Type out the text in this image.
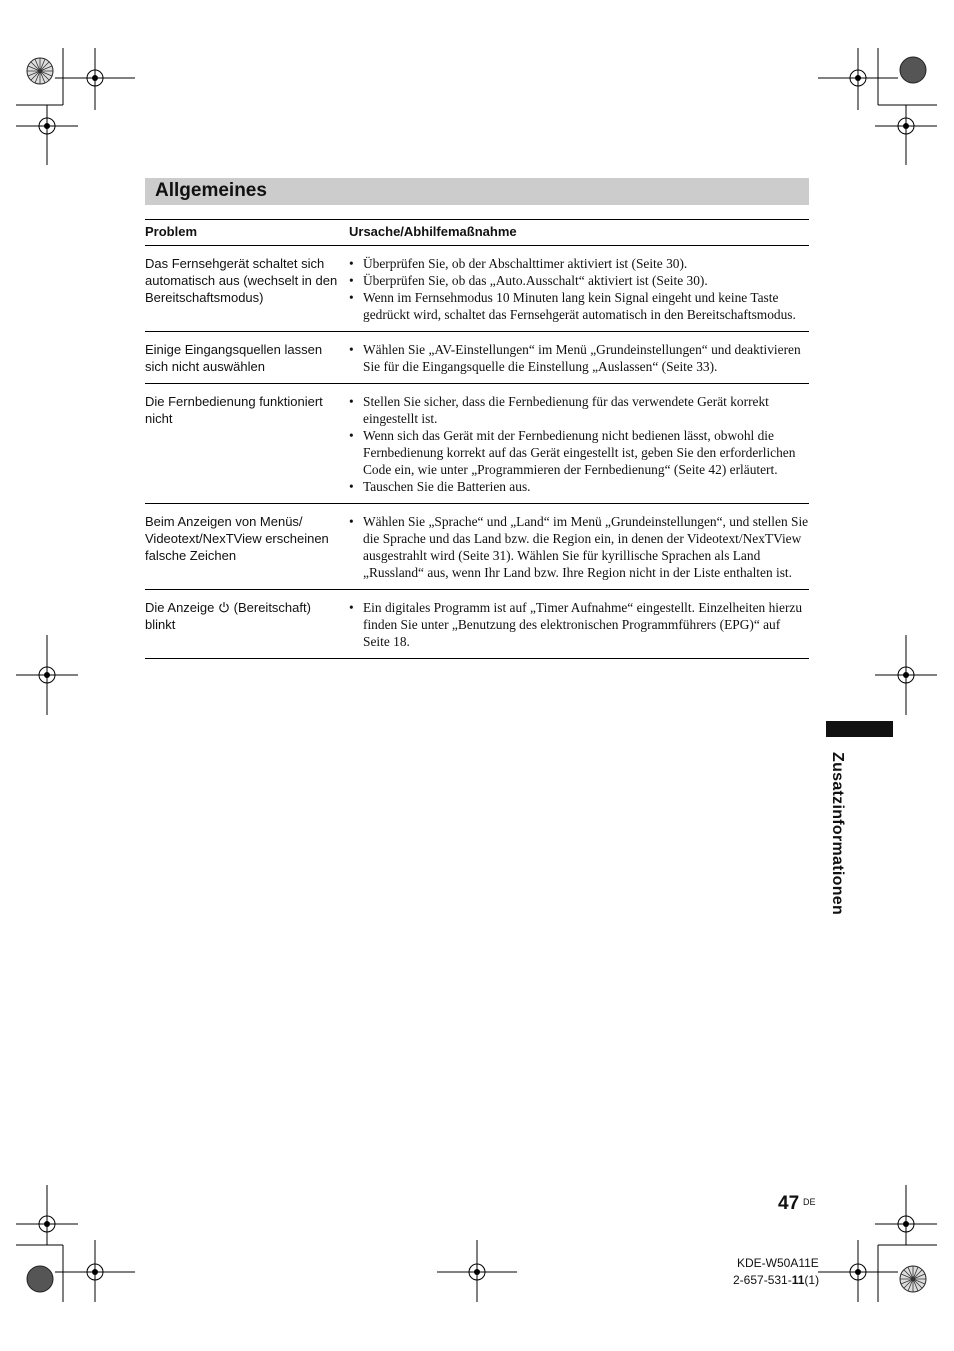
Allgemeines
Problem	Ursache/Abhilfemaßnahme
Das Fernsehgerät schaltet sich automatisch aus (wechselt in den Bereitschaftsmodus)
• Überprüfen Sie, ob der Abschalttimer aktiviert ist (Seite 30).
• Überprüfen Sie, ob das „Auto.Ausschalt“ aktiviert ist (Seite 30).
• Wenn im Fernsehmodus 10 Minuten lang kein Signal eingeht und keine Taste gedrückt wird, schaltet das Fernsehgerät automatisch in den Bereitschaftsmodus.
Einige Eingangsquellen lassen sich nicht auswählen
• Wählen Sie „AV-Einstellungen“ im Menü „Grundeinstellungen“ und deaktivieren Sie für die Eingangsquelle die Einstellung „Auslassen“ (Seite 33).
Die Fernbedienung funktioniert nicht
• Stellen Sie sicher, dass die Fernbedienung für das verwendete Gerät korrekt eingestellt ist.
• Wenn sich das Gerät mit der Fernbedienung nicht bedienen lässt, obwohl die Fernbedienung korrekt auf das Gerät eingestellt ist, geben Sie den erforderlichen Code ein, wie unter „Programmieren der Fernbedienung“ (Seite 42) erläutert.
• Tauschen Sie die Batterien aus.
Beim Anzeigen von Menüs/ Videotext/NexTView erscheinen falsche Zeichen
• Wählen Sie „Sprache“ und „Land“ im Menü „Grundeinstellungen“, und stellen Sie die Sprache und das Land bzw. die Region ein, in denen der Videotext/NexTView ausgestrahlt wird (Seite 31). Wählen Sie für kyrillische Sprachen als Land „Russland“ aus, wenn Ihr Land bzw. Ihre Region nicht in der Liste enthalten ist.
Die Anzeige (Bereitschaft) blinkt
• Ein digitales Programm ist auf „Timer Aufnahme“ eingestellt. Einzelheiten hierzu finden Sie unter „Benutzung des elektronischen Programmführers (EPG)“ auf Seite 18.
Zusatzinformationen
47 DE
KDE-W50A11E
2-657-531-11(1)
